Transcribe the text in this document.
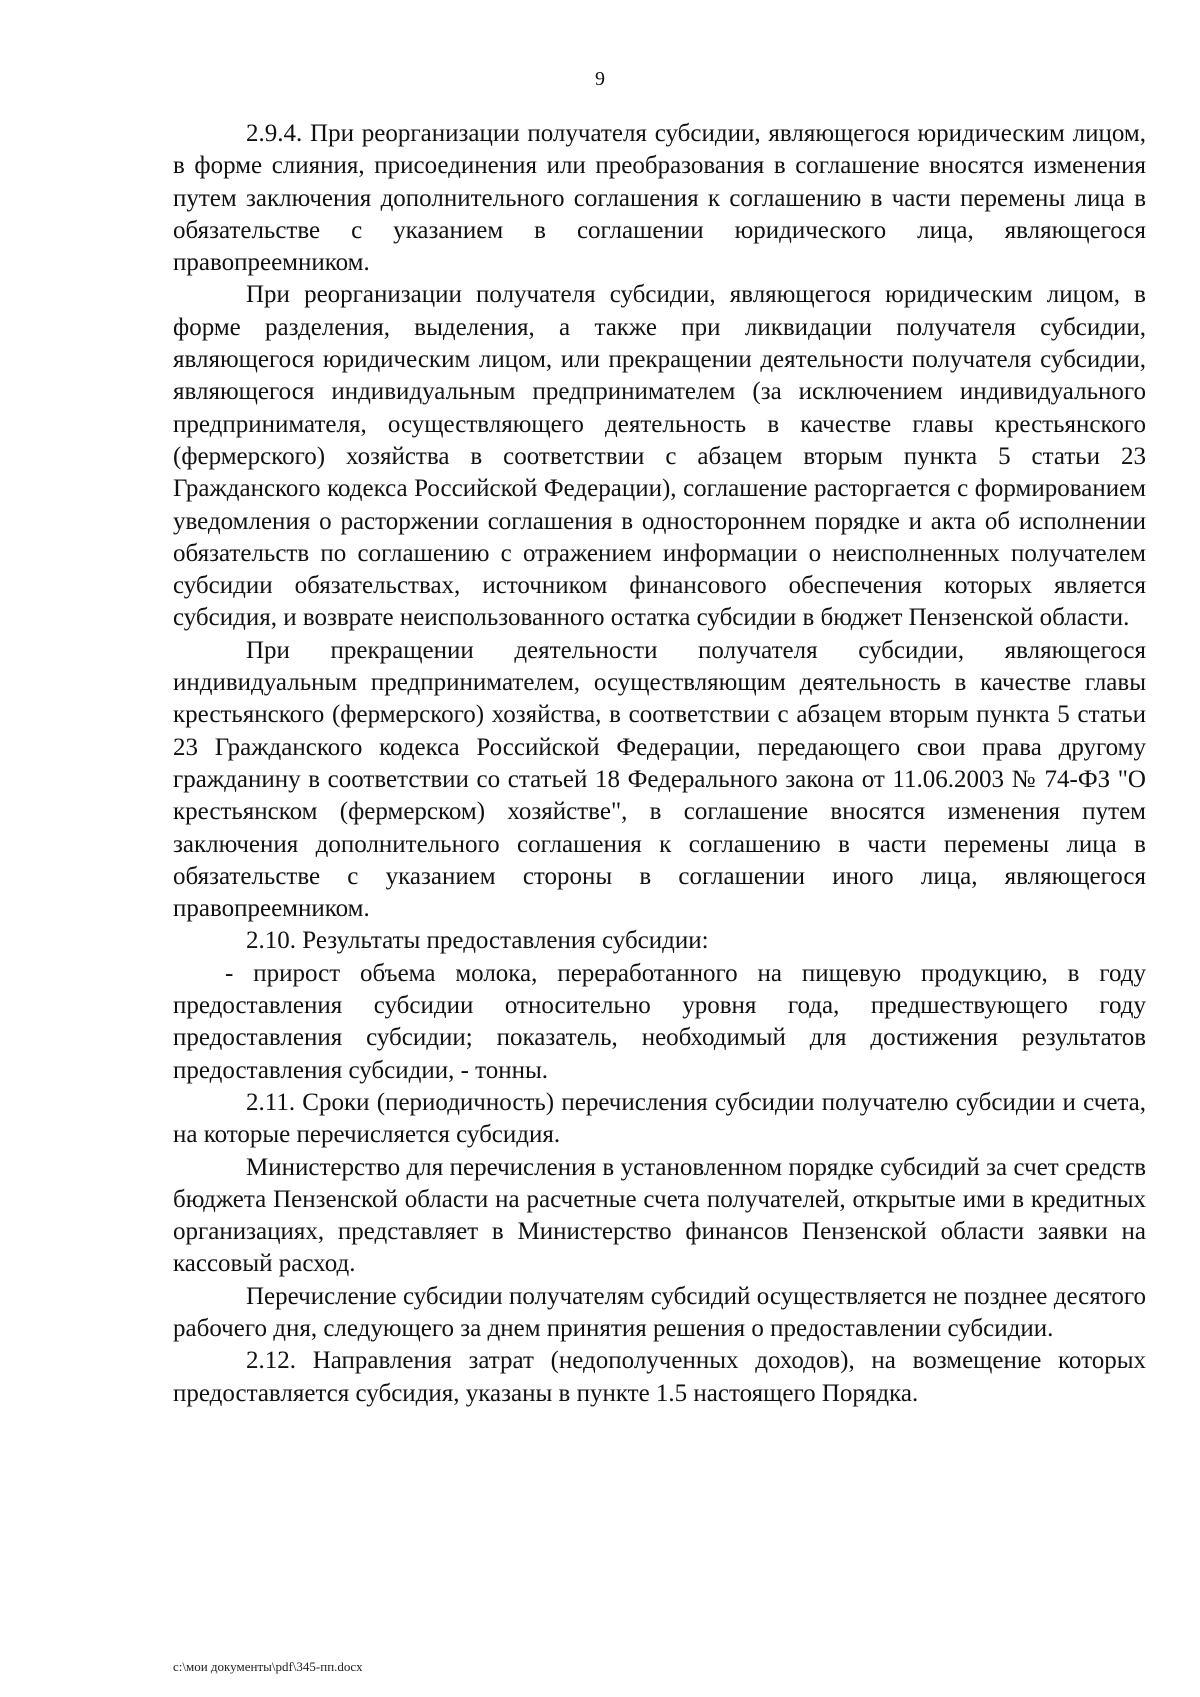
9

2.9.4. При реорганизации получателя субсидии, являющегося юридическим лицом, в форме слияния, присоединения или преобразования в соглашение вносятся изменения путем заключения дополнительного соглашения к соглашению в части перемены лица в обязательстве с указанием в соглашении юридического лица, являющегося правопреемником.

При реорганизации получателя субсидии, являющегося юридическим лицом, в форме разделения, выделения, а также при ликвидации получателя субсидии, являющегося юридическим лицом, или прекращении деятельности получателя субсидии, являющегося индивидуальным предпринимателем (за исключением индивидуального предпринимателя, осуществляющего деятельность в качестве главы крестьянского (фермерского) хозяйства в соответствии с абзацем вторым пункта 5 статьи 23 Гражданского кодекса Российской Федерации), соглашение расторгается с формированием уведомления о расторжении соглашения в одностороннем порядке и акта об исполнении обязательств по соглашению с отражением информации о неисполненных получателем субсидии обязательствах, источником финансового обеспечения которых является субсидия, и возврате неиспользованного остатка субсидии в бюджет Пензенской области.

При прекращении деятельности получателя субсидии, являющегося индивидуальным предпринимателем, осуществляющим деятельность в качестве главы крестьянского (фермерского) хозяйства, в соответствии с абзацем вторым пункта 5 статьи 23 Гражданского кодекса Российской Федерации, передающего свои права другому гражданину в соответствии со статьей 18 Федерального закона от 11.06.2003 № 74-ФЗ "О крестьянском (фермерском) хозяйстве", в соглашение вносятся изменения путем заключения дополнительного соглашения к соглашению в части перемены лица в обязательстве с указанием стороны в соглашении иного лица, являющегося правопреемником.

2.10. Результаты предоставления субсидии:

- прирост объема молока, переработанного на пищевую продукцию, в году предоставления субсидии относительно уровня года, предшествующего году предоставления субсидии; показатель, необходимый для достижения результатов предоставления субсидии, - тонны.

2.11. Сроки (периодичность) перечисления субсидии получателю субсидии и счета, на которые перечисляется субсидия.

Министерство для перечисления в установленном порядке субсидий за счет средств бюджета Пензенской области на расчетные счета получателей, открытые ими в кредитных организациях, представляет в Министерство финансов Пензенской области заявки на кассовый расход.

Перечисление субсидии получателям субсидий осуществляется не позднее десятого рабочего дня, следующего за днем принятия решения о предоставлении субсидии.

2.12. Направления затрат (недополученных доходов), на возмещение которых предоставляется субсидия, указаны в пункте 1.5 настоящего Порядка.

c:\мои документы\pdf\345-пп.docx
